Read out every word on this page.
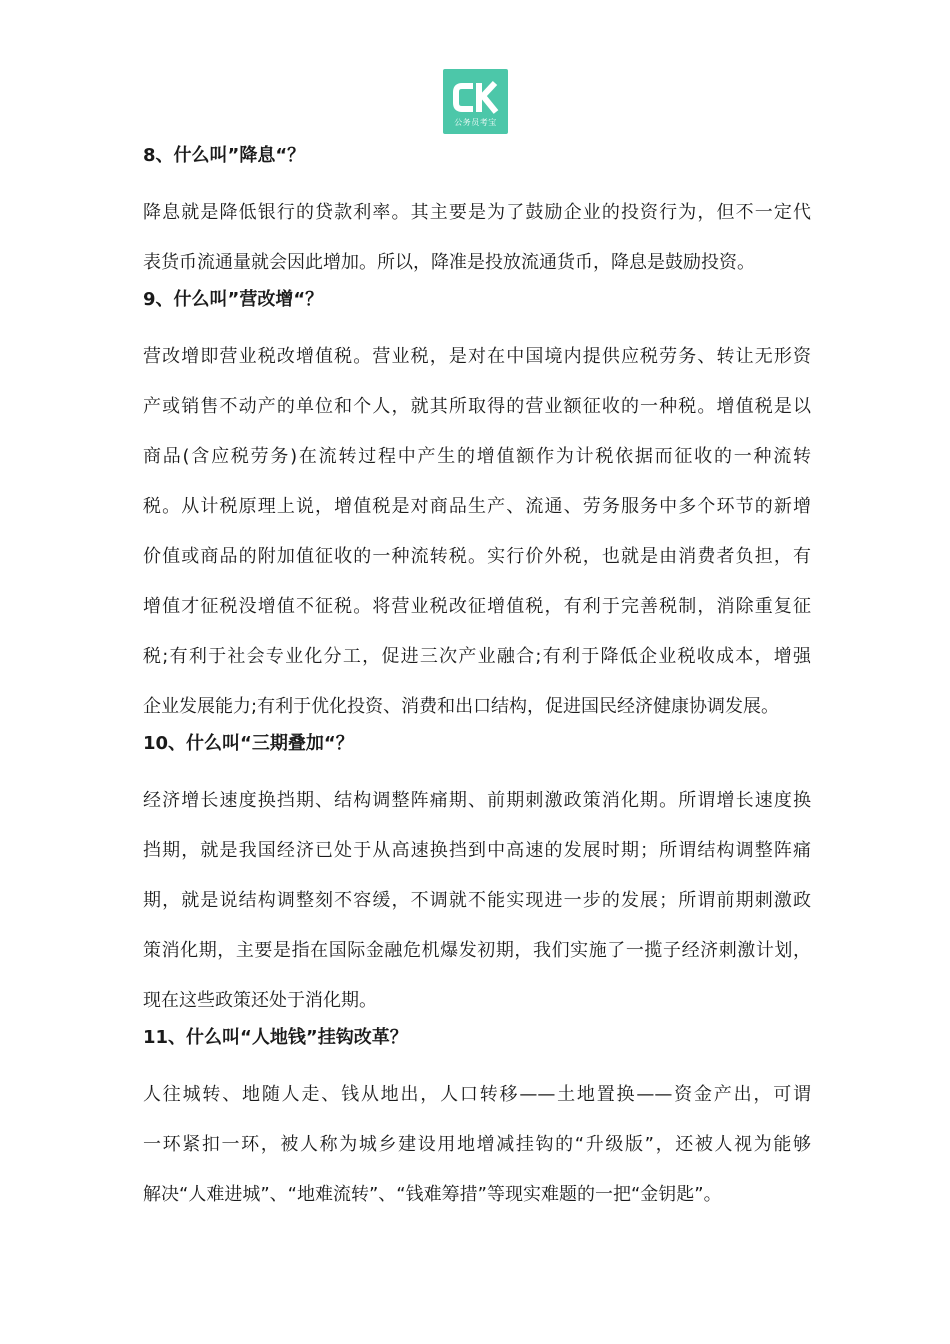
公务员考宝
8、什么叫”降息“？

降息就是降低银行的贷款利率。其主要是为了鼓励企业的投资行为，但不一定代
表货币流通量就会因此增加。所以，降准是投放流通货币，降息是鼓励投资。

9、什么叫”营改增“？

营改增即营业税改增值税。营业税，是对在中国境内提供应税劳务、转让无形资
产或销售不动产的单位和个人，就其所取得的营业额征收的一种税。增值税是以
商品(含应税劳务)在流转过程中产生的增值额作为计税依据而征收的一种流转
税。从计税原理上说，增值税是对商品生产、流通、劳务服务中多个环节的新增
价值或商品的附加值征收的一种流转税。实行价外税，也就是由消费者负担，有
增值才征税没增值不征税。将营业税改征增值税，有利于完善税制，消除重复征
税;有利于社会专业化分工，促进三次产业融合;有利于降低企业税收成本，增强
企业发展能力;有利于优化投资、消费和出口结构，促进国民经济健康协调发展。

10、什么叫“三期叠加“？

经济增长速度换挡期、结构调整阵痛期、前期刺激政策消化期。所谓增长速度换
挡期，就是我国经济已处于从高速换挡到中高速的发展时期；所谓结构调整阵痛
期，就是说结构调整刻不容缓，不调就不能实现进一步的发展；所谓前期刺激政
策消化期，主要是指在国际金融危机爆发初期，我们实施了一揽子经济刺激计划，
现在这些政策还处于消化期。

11、什么叫“人地钱”挂钩改革？

人往城转、地随人走、钱从地出，人口转移——土地置换——资金产出，可谓
一环紧扣一环，被人称为城乡建设用地增减挂钩的“升级版”，还被人视为能够
解决“人难进城”、“地难流转”、“钱难筹措”等现实难题的一把“金钥匙”。
